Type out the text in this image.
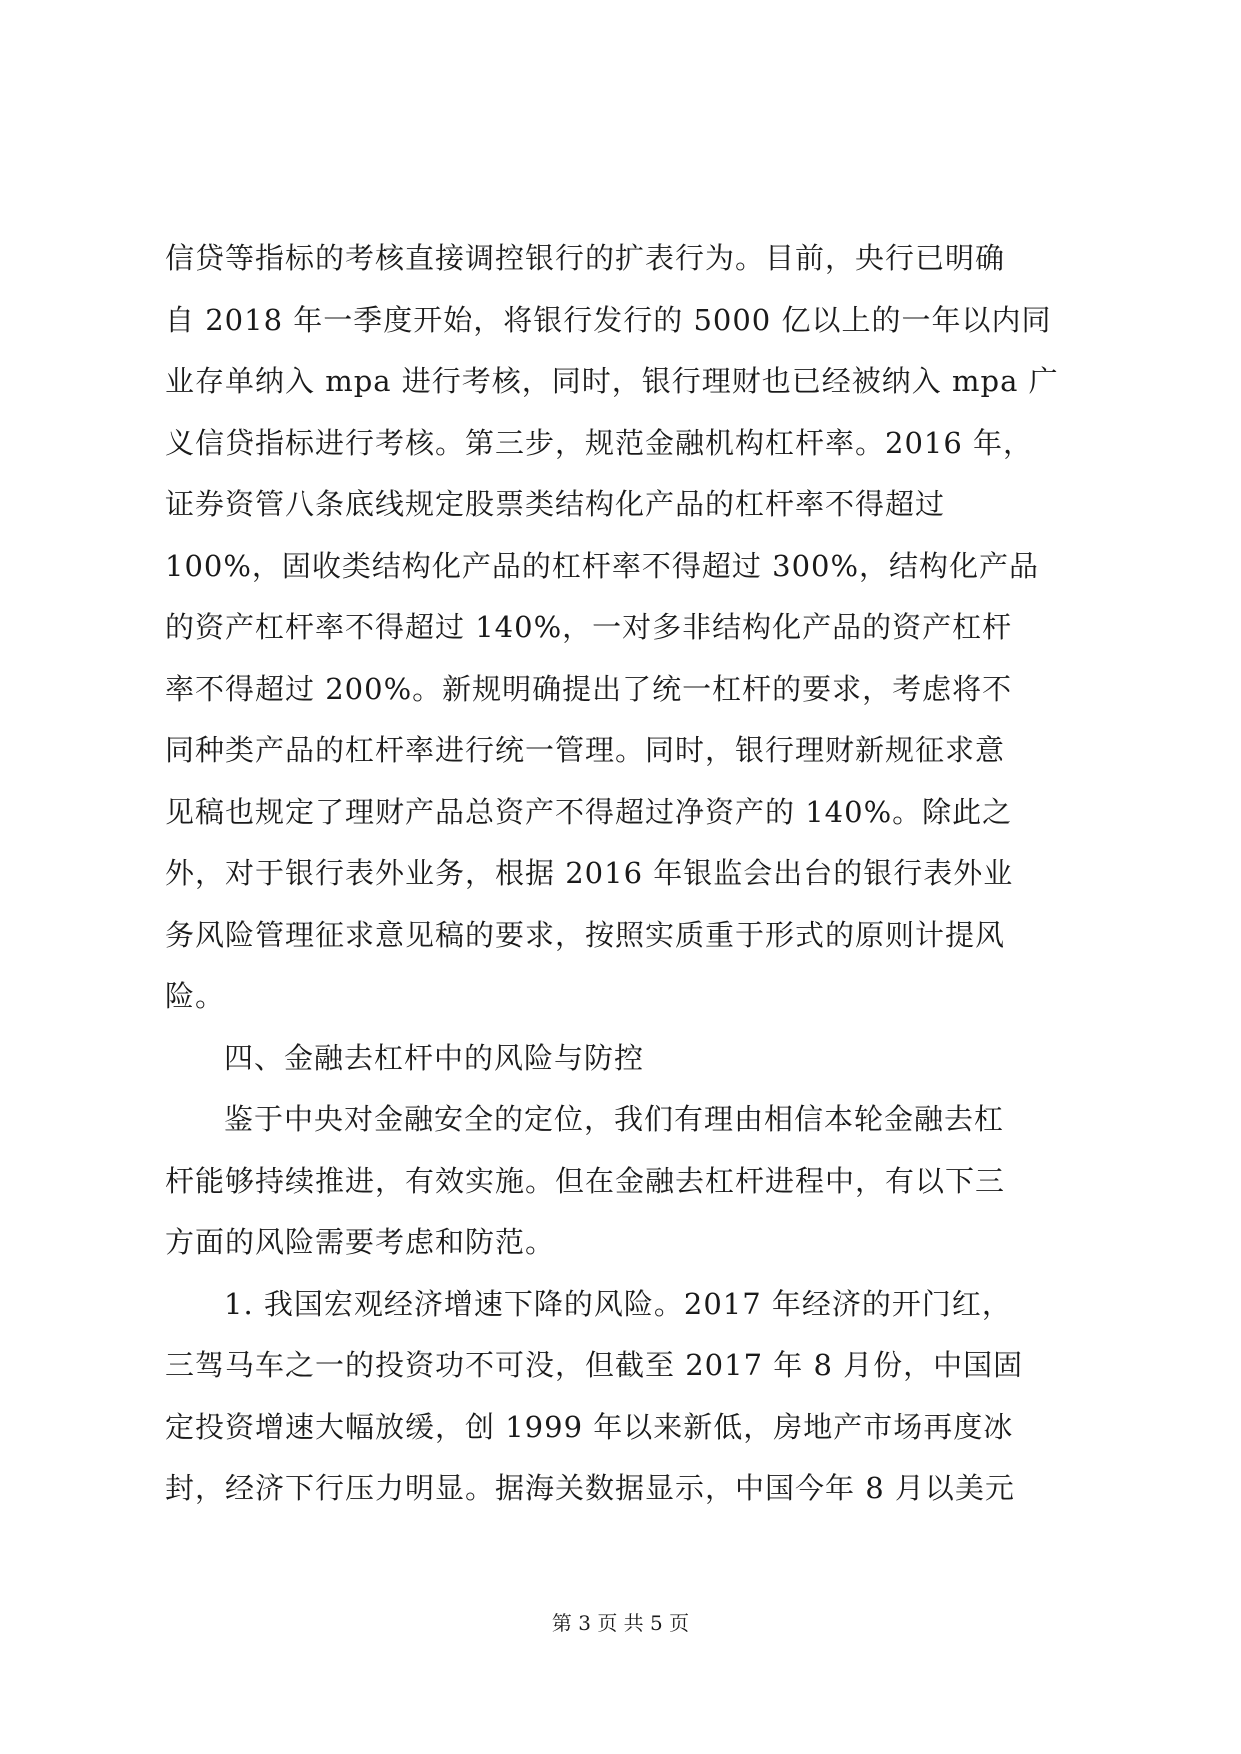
信贷等指标的考核直接调控银行的扩表行为。目前，央行已明确
自 2018 年一季度开始，将银行发行的 5000 亿以上的一年以内同
业存单纳入 mpa 进行考核，同时，银行理财也已经被纳入 mpa 广
义信贷指标进行考核。第三步，规范金融机构杠杆率。2016 年，
证券资管八条底线规定股票类结构化产品的杠杆率不得超过
100%，固收类结构化产品的杠杆率不得超过 300%，结构化产品
的资产杠杆率不得超过 140%，一对多非结构化产品的资产杠杆
率不得超过 200%。新规明确提出了统一杠杆的要求，考虑将不
同种类产品的杠杆率进行统一管理。同时，银行理财新规征求意
见稿也规定了理财产品总资产不得超过净资产的 140%。除此之
外，对于银行表外业务，根据 2016 年银监会出台的银行表外业
务风险管理征求意见稿的要求，按照实质重于形式的原则计提风
险。
四、金融去杠杆中的风险与防控
鉴于中央对金融安全的定位，我们有理由相信本轮金融去杠
杆能够持续推进，有效实施。但在金融去杠杆进程中，有以下三
方面的风险需要考虑和防范。
1. 我国宏观经济增速下降的风险。2017 年经济的开门红，
三驾马车之一的投资功不可没，但截至 2017 年 8 月份，中国固
定投资增速大幅放缓，创 1999 年以来新低，房地产市场再度冰
封，经济下行压力明显。据海关数据显示，中国今年 8 月以美元
第 3 页 共 5 页
